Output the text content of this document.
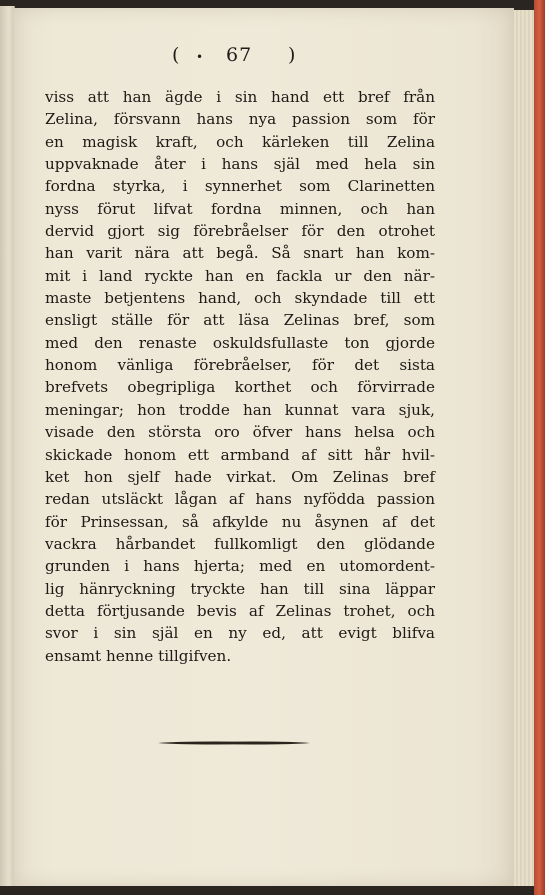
( • 67 )
viss att han ägde i sin hand ett bref från
Zelina, försvann hans nya passion som för
en magisk kraft, och kärleken till Zelina
uppvaknade åter i hans själ med hela sin
fordna styrka, i synnerhet som Clarinetten
nyss förut lifvat fordna minnen, och han
dervid gjort sig förebråelser för den otrohet
han varit nära att begå. Så snart han kom-
mit i land ryckte han en fackla ur den när-
maste betjentens hand, och skyndade till ett
ensligt ställe för att läsa Zelinas bref, som
med den renaste oskuldsfullaste ton gjorde
honom vänliga förebråelser, för det sista
brefvets obegripliga korthet och förvirrade
meningar; hon trodde han kunnat vara sjuk,
visade den största oro öfver hans helsa och
skickade honom ett armband af sitt hår hvil-
ket hon sjelf hade virkat. Om Zelinas bref
redan utsläckt lågan af hans nyfödda passion
för Prinsessan, så afkylde nu åsynen af det
vackra hårbandet fullkomligt den glödande
grunden i hans hjerta; med en utomordent-
lig hänryckning tryckte han till sina läppar
detta förtjusande bevis af Zelinas trohet, och
svor i sin själ en ny ed, att evigt blifva
ensamt henne tillgifven.
